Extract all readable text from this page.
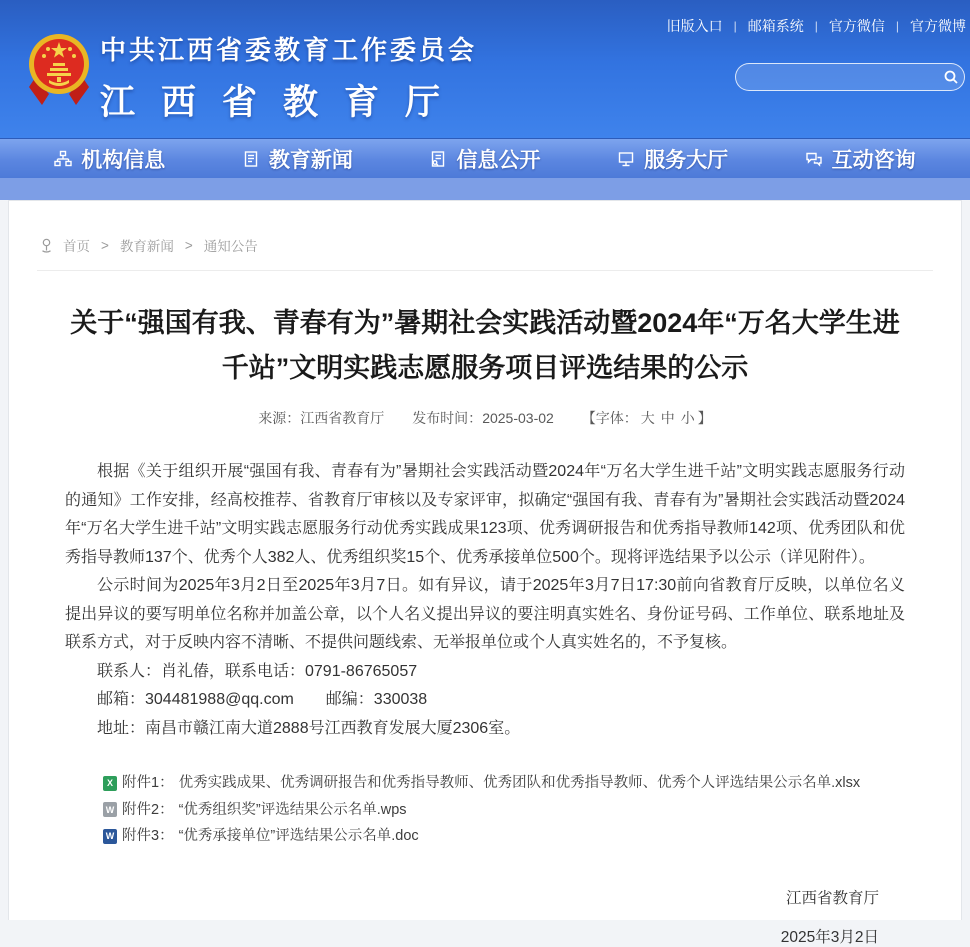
中共江西省委教育工作委员会
江西省教育厅
旧版入口 | 邮箱系统 | 官方微信 | 官方微博
机构信息	教育新闻	信息公开	服务大厅	互动咨询
首页 > 教育新闻 > 通知公告
关于“强国有我、青春有为”暑期社会实践活动暨2024年“万名大学生进千站”文明实践志愿服务项目评选结果的公示
来源：江西省教育厅 发布时间：2025-03-02 【字体： 大 中 小 】

根据《关于组织开展“强国有我、青春有为”暑期社会实践活动暨2024年“万名大学生进千站”文明实践志愿服务行动的通知》工作安排，经高校推荐、省教育厅审核以及专家评审，拟确定“强国有我、青春有为”暑期社会实践活动暨2024年“万名大学生进千站”文明实践志愿服务行动优秀实践成果123项、优秀调研报告和优秀指导教师142项、优秀团队和优秀指导教师137个、优秀个人382人、优秀组织奖15个、优秀承接单位500个。现将评选结果予以公示（详见附件）。

公示时间为2025年3月2日至2025年3月7日。如有异议，请于2025年3月7日17:30前向省教育厅反映，以单位名义提出异议的要写明单位名称并加盖公章，以个人名义提出异议的要注明真实姓名、身份证号码、工作单位、联系地址及联系方式，对于反映内容不清晰、不提供问题线索、无举报单位或个人真实姓名的，不予复核。

联系人：肖礼偆，联系电话：0791-86765057

邮箱：304481988@qq.com　　邮编：330038

地址：南昌市赣江南大道2888号江西教育发展大厦2306室。

X 附件1： 优秀实践成果、优秀调研报告和优秀指导教师、优秀团队和优秀指导教师、优秀个人评选结果公示名单.xlsx
W 附件2： “优秀组织奖”评选结果公示名单.wps
W 附件3： “优秀承接单位”评选结果公示名单.doc
江西省教育厅
2025年3月2日
